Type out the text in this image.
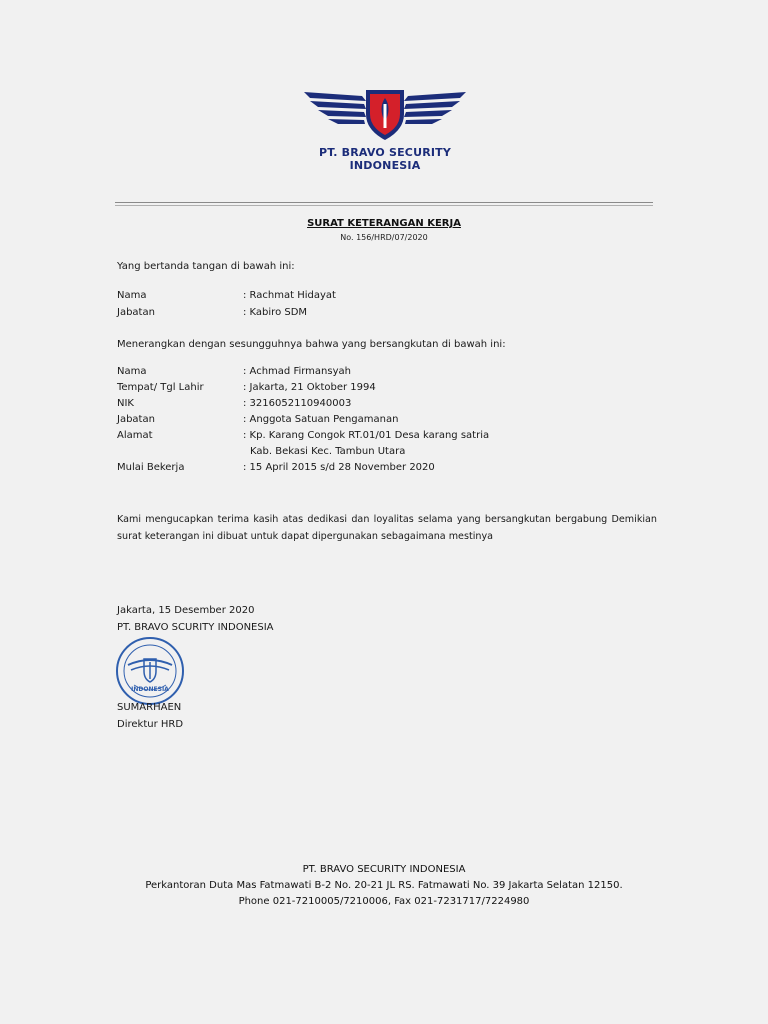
PT. BRAVO SECURITY INDONESIA
SURAT KETERANGAN KERJA
No. 156/HRD/07/2020
Yang bertanda tangan di bawah ini:
Nama	: Rachmat Hidayat
Jabatan	: Kabiro SDM
Menerangkan dengan sesungguhnya bahwa yang bersangkutan di bawah ini:
Nama	: Achmad Firmansyah
Tempat/ Tgl Lahir	: Jakarta, 21 Oktober 1994
NIK	: 3216052110940003
Jabatan	: Anggota Satuan Pengamanan
Alamat	: Kp. Karang Congok RT.01/01 Desa karang satria
Kab. Bekasi Kec. Tambun Utara
Mulai Bekerja	: 15 April 2015 s/d 28 November 2020
Kami mengucapkan terima kasih atas dedikasi dan loyalitas selama yang bersangkutan bergabung Demikian surat keterangan ini dibuat untuk dapat dipergunakan sebagaimana mestinya
Jakarta, 15 Desember 2020
PT. BRAVO SCURITY INDONESIA
INDONESIA
SUMARHAEN
Direktur HRD
PT. BRAVO SECURITY INDONESIA
Perkantoran Duta Mas Fatmawati B-2 No. 20-21 JL RS. Fatmawati No. 39 Jakarta Selatan 12150.
Phone 021-7210005/7210006, Fax 021-7231717/7224980
